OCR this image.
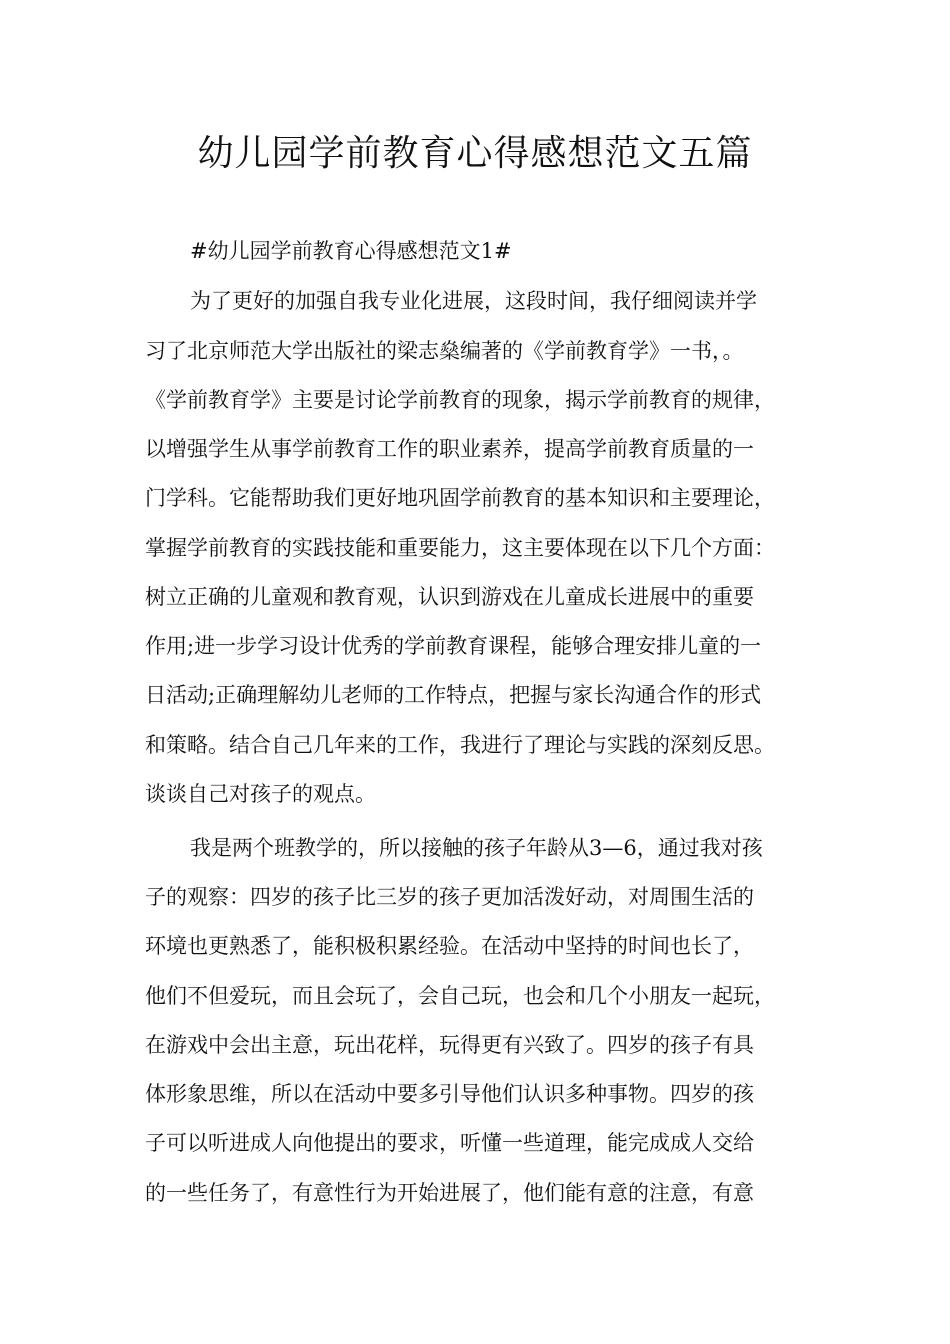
幼儿园学前教育心得感想范文五篇

#幼儿园学前教育心得感想范文1#

为了更好的加强自我专业化进展，这段时间，我仔细阅读并学

习了北京师范大学出版社的梁志燊编著的《学前教育学》一书，。

《学前教育学》主要是讨论学前教育的现象，揭示学前教育的规律，

以增强学生从事学前教育工作的职业素养，提高学前教育质量的一

门学科。它能帮助我们更好地巩固学前教育的基本知识和主要理论，

掌握学前教育的实践技能和重要能力，这主要体现在以下几个方面：

树立正确的儿童观和教育观，认识到游戏在儿童成长进展中的重要

作用;进一步学习设计优秀的学前教育课程，能够合理安排儿童的一

日活动;正确理解幼儿老师的工作特点，把握与家长沟通合作的形式

和策略。结合自己几年来的工作，我进行了理论与实践的深刻反思。

谈谈自己对孩子的观点。

我是两个班教学的，所以接触的孩子年龄从3—6，通过我对孩

子的观察：四岁的孩子比三岁的孩子更加活泼好动，对周围生活的

环境也更熟悉了，能积极积累经验。在活动中坚持的时间也长了，

他们不但爱玩，而且会玩了，会自己玩，也会和几个小朋友一起玩，

在游戏中会出主意，玩出花样，玩得更有兴致了。四岁的孩子有具

体形象思维，所以在活动中要多引导他们认识多种事物。四岁的孩

子可以听进成人向他提出的要求，听懂一些道理，能完成成人交给

的一些任务了，有意性行为开始进展了，他们能有意的注意，有意
